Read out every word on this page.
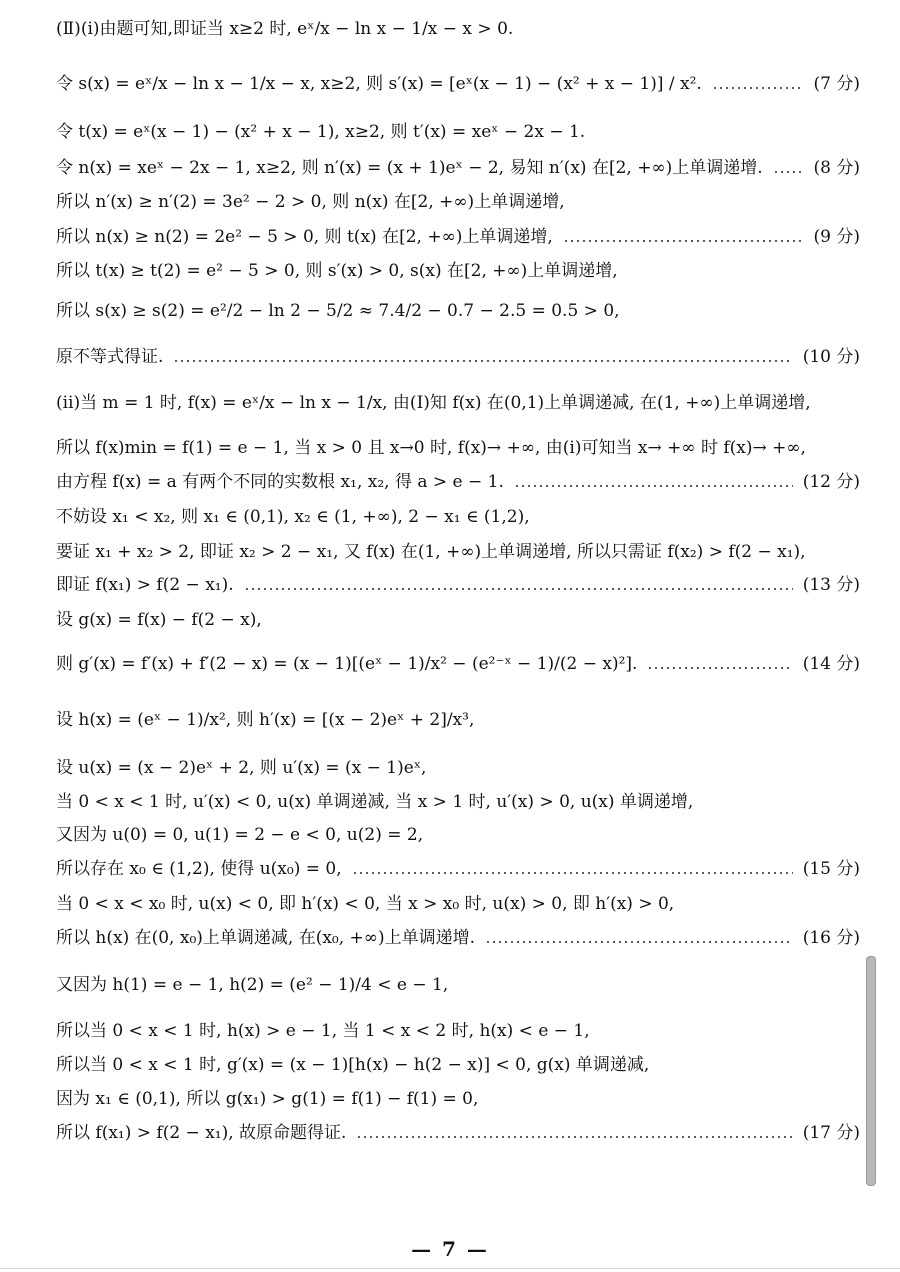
(Ⅱ)(ⅰ)由题可知,即证当 x≥2 时, eˣ/x − ln x − 1/x − x > 0.
令 s(x) = eˣ/x − ln x − 1/x − x, x≥2, 则 s′(x) = [eˣ(x − 1) − (x² + x − 1)] / x².	(7 分)
令 t(x) = eˣ(x − 1) − (x² + x − 1), x≥2, 则 t′(x) = xeˣ − 2x − 1.
令 n(x) = xeˣ − 2x − 1, x≥2, 则 n′(x) = (x + 1)eˣ − 2, 易知 n′(x) 在[2, +∞)上单调递增.	(8 分)
所以 n′(x) ≥ n′(2) = 3e² − 2 > 0, 则 n(x) 在[2, +∞)上单调递增,
所以 n(x) ≥ n(2) = 2e² − 5 > 0, 则 t(x) 在[2, +∞)上单调递增,	(9 分)
所以 t(x) ≥ t(2) = e² − 5 > 0, 则 s′(x) > 0, s(x) 在[2, +∞)上单调递增,
所以 s(x) ≥ s(2) = e²/2 − ln 2 − 5/2 ≈ 7.4/2 − 0.7 − 2.5 = 0.5 > 0,
原不等式得证.	(10 分)
(ⅱ)当 m = 1 时, f(x) = eˣ/x − ln x − 1/x, 由(Ⅰ)知 f(x) 在(0,1)上单调递减, 在(1, +∞)上单调递增,
所以 f(x)min = f(1) = e − 1, 当 x > 0 且 x→0 时, f(x)→ +∞, 由(ⅰ)可知当 x→ +∞ 时 f(x)→ +∞,
由方程 f(x) = a 有两个不同的实数根 x₁, x₂, 得 a > e − 1.	(12 分)
不妨设 x₁ < x₂, 则 x₁ ∈ (0,1), x₂ ∈ (1, +∞), 2 − x₁ ∈ (1,2),
要证 x₁ + x₂ > 2, 即证 x₂ > 2 − x₁, 又 f(x) 在(1, +∞)上单调递增, 所以只需证 f(x₂) > f(2 − x₁),
即证 f(x₁) > f(2 − x₁).	(13 分)
设 g(x) = f(x) − f(2 − x),
则 g′(x) = f′(x) + f′(2 − x) = (x − 1)[(eˣ − 1)/x² − (e²⁻ˣ − 1)/(2 − x)²].	(14 分)
设 h(x) = (eˣ − 1)/x², 则 h′(x) = [(x − 2)eˣ + 2]/x³,
设 u(x) = (x − 2)eˣ + 2, 则 u′(x) = (x − 1)eˣ,
当 0 < x < 1 时, u′(x) < 0, u(x) 单调递减, 当 x > 1 时, u′(x) > 0, u(x) 单调递增,
又因为 u(0) = 0, u(1) = 2 − e < 0, u(2) = 2,
所以存在 x₀ ∈ (1,2), 使得 u(x₀) = 0,	(15 分)
当 0 < x < x₀ 时, u(x) < 0, 即 h′(x) < 0, 当 x > x₀ 时, u(x) > 0, 即 h′(x) > 0,
所以 h(x) 在(0, x₀)上单调递减, 在(x₀, +∞)上单调递增.	(16 分)
又因为 h(1) = e − 1, h(2) = (e² − 1)/4 < e − 1,
所以当 0 < x < 1 时, h(x) > e − 1, 当 1 < x < 2 时, h(x) < e − 1,
所以当 0 < x < 1 时, g′(x) = (x − 1)[h(x) − h(2 − x)] < 0, g(x) 单调递减,
因为 x₁ ∈ (0,1), 所以 g(x₁) > g(1) = f(1) − f(1) = 0,
所以 f(x₁) > f(2 − x₁), 故原命题得证.	(17 分)
— 7 —
